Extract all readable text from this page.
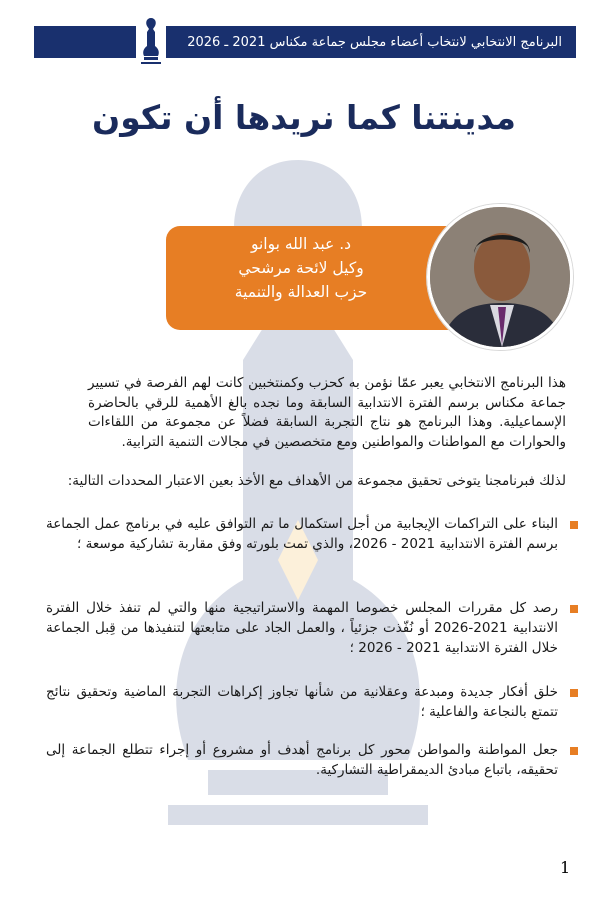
البرنامج الانتخابي لانتخاب أعضاء مجلس جماعة مكناس 2021 ـ 2026
مدينتنا كما نريدها أن تكون
د. عبد الله بوانو
وكيل لائحة مرشحي
حزب العدالة والتنمية
هذا البرنامج الانتخابي يعبر عمّا نؤمن به كحزب وكمنتخبين كانت لهم الفرصة في تسيير جماعة مكناس برسم الفترة الانتدابية السابقة وما نجده بالغ الأهمية للرقي بالحاضرة الإسماعيلية. وهذا البرنامج هو نتاج التجربة السابقة فضلاً عن مجموعة من اللقاءات والحوارات مع المواطنات والمواطنين ومع متخصصين في مجالات التنمية الترابية.
لذلك فبرنامجنا يتوخى تحقيق مجموعة من الأهداف مع الأخذ بعين الاعتبار المحددات التالية:
البناء على التراكمات الإيجابية من أجل استكمال ما تم التوافق عليه في برنامج عمل الجماعة برسم الفترة الانتدابية 2021 - 2026، والذي تمت بلورته وفق مقاربة تشاركية موسعة ؛
رصد كل مقررات المجلس خصوصا المهمة والاستراتيجية منها والتي لم تنفذ خلال الفترة الانتدابية 2021-2026 أو نُفّذت جزئياً ، والعمل الجاد على متابعتها لتنفيذها من قِبل الجماعة خلال الفترة الانتدابية 2021 - 2026 ؛
خلق أفكار جديدة ومبدعة وعقلانية من شأنها تجاوز إكراهات التجربة الماضية وتحقيق نتائج تتمتع بالنجاعة والفاعلية ؛
جعل المواطنة والمواطن محور كل برنامج أهدف أو مشروع أو إجراء تتطلع الجماعة إلى تحقيقه، باتباع مبادئ الديمقراطية التشاركية.
1
